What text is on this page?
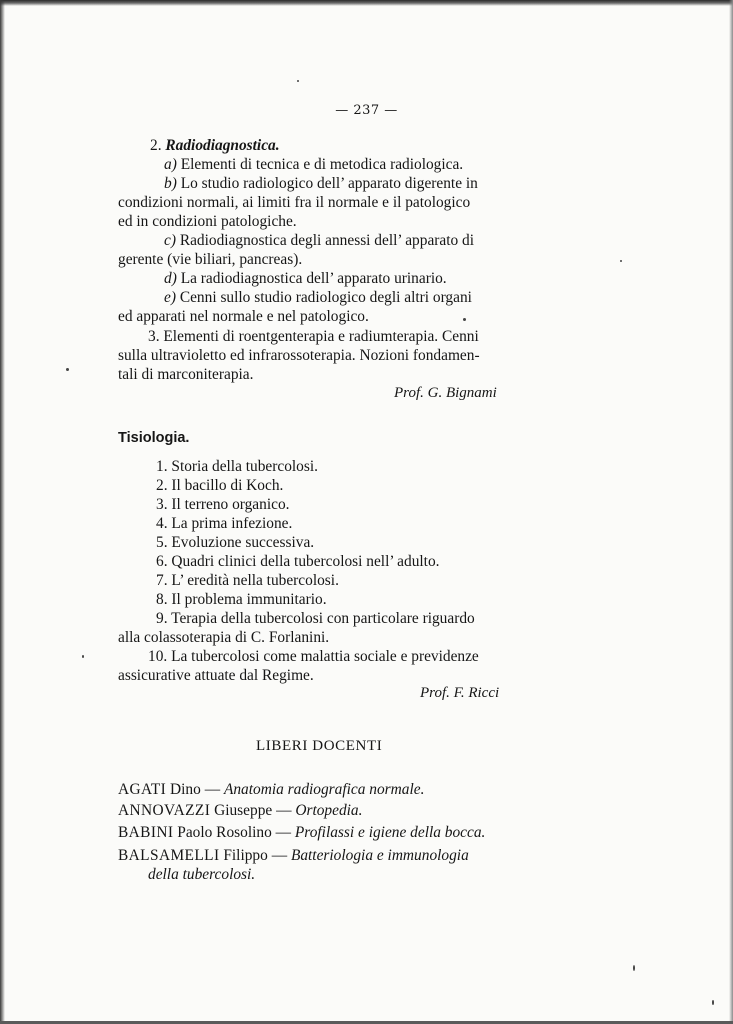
— 237 —
2. Radiodiagnostica.
a) Elementi di tecnica e di metodica radiologica.
b) Lo studio radiologico dell’ apparato digerente in
condizioni normali, ai limiti fra il normale e il patologico
ed in condizioni patologiche.
c) Radiodiagnostica degli annessi dell’ apparato di
gerente (vie biliari, pancreas).
d) La radiodiagnostica dell’ apparato urinario.
e) Cenni sullo studio radiologico degli altri organi
ed apparati nel normale e nel patologico.
3. Elementi di roentgenterapia e radiumterapia. Cenni
sulla ultravioletto ed infrarossoterapia. Nozioni fondamen-
tali di marconiterapia.
Prof. G. Bignami
Tisiologia.
1. Storia della tubercolosi.
2. Il bacillo di Koch.
3. Il terreno organico.
4. La prima infezione.
5. Evoluzione successiva.
6. Quadri clinici della tubercolosi nell’ adulto.
7. L’ eredità nella tubercolosi.
8. Il problema immunitario.
9. Terapia della tubercolosi con particolare riguardo
alla colassoterapia di C. Forlanini.
10. La tubercolosi come malattia sociale e previdenze
assicurative attuate dal Regime.
Prof. F. Ricci
LIBERI DOCENTI
AGATI Dino — Anatomia radiografica normale.
ANNOVAZZI Giuseppe — Ortopedia.
BABINI Paolo Rosolino — Profilassi e igiene della bocca.
BALSAMELLI Filippo — Batteriologia e immunologia
della tubercolosi.
